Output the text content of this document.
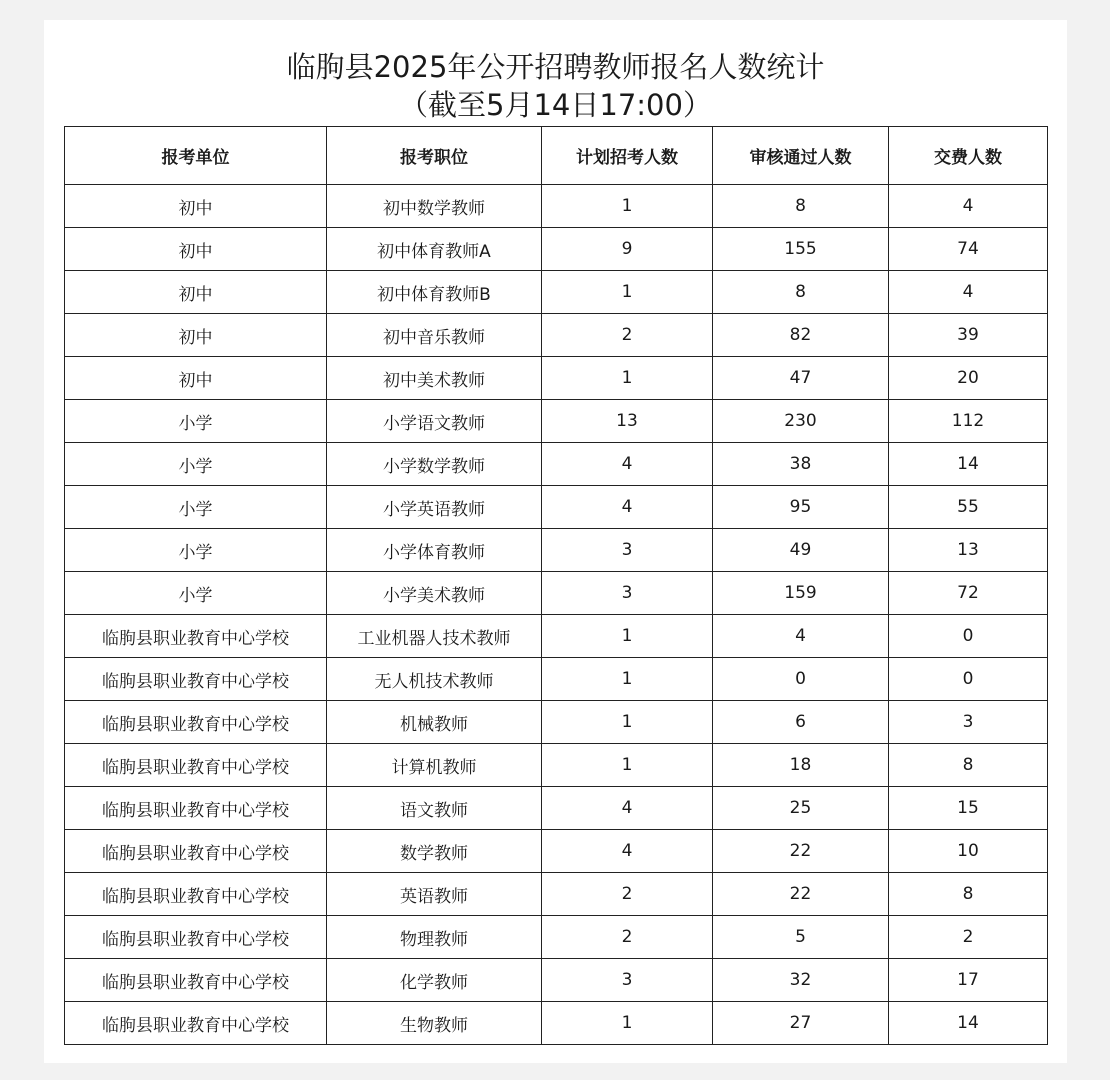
临朐县2025年公开招聘教师报名人数统计
（截至5月14日17:00）
报考单位	报考职位	计划招考人数	审核通过人数	交费人数
初中	初中数学教师	1	8	4
初中	初中体育教师A	9	155	74
初中	初中体育教师B	1	8	4
初中	初中音乐教师	2	82	39
初中	初中美术教师	1	47	20
小学	小学语文教师	13	230	112
小学	小学数学教师	4	38	14
小学	小学英语教师	4	95	55
小学	小学体育教师	3	49	13
小学	小学美术教师	3	159	72
临朐县职业教育中心学校	工业机器人技术教师	1	4	0
临朐县职业教育中心学校	无人机技术教师	1	0	0
临朐县职业教育中心学校	机械教师	1	6	3
临朐县职业教育中心学校	计算机教师	1	18	8
临朐县职业教育中心学校	语文教师	4	25	15
临朐县职业教育中心学校	数学教师	4	22	10
临朐县职业教育中心学校	英语教师	2	22	8
临朐县职业教育中心学校	物理教师	2	5	2
临朐县职业教育中心学校	化学教师	3	32	17
临朐县职业教育中心学校	生物教师	1	27	14
